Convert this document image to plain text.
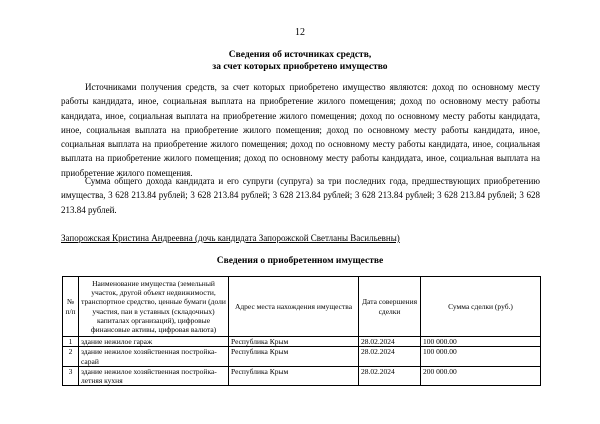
12
Сведения об источниках средств,
за счет которых приобретено имущество
Источниками получения средств, за счет которых приобретено имущество являются: доход по основному месту работы кандидата, иное, социальная выплата на приобретение жилого помещения; доход по основному месту работы кандидата, иное, социальная выплата на приобретение жилого помещения; доход по основному месту работы кандидата, иное, социальная выплата на приобретение жилого помещения; доход по основному месту работы кандидата, иное, социальная выплата на приобретение жилого помещения; доход по основному месту работы кандидата, иное, социальная выплата на приобретение жилого помещения; доход по основному месту работы кандидата, иное, социальная выплата на приобретение жилого помещения.
Сумма общего дохода кандидата и его супруги (супруга) за три последних года, предшествующих приобретению имущества, 3 628 213.84 рублей; 3 628 213.84 рублей; 3 628 213.84 рублей; 3 628 213.84 рублей; 3 628 213.84 рублей; 3 628 213.84 рублей.
Запорожская Кристина Андреевна (дочь кандидата Запорожской Светланы Васильевны)
Сведения о приобретенном имуществе
№ п/п	Наименование имущества (земельный участок, другой объект недвижимости, транспортное средство, ценные бумаги (доли участия, паи в уставных (складочных) капиталах организаций), цифровые финансовые активы, цифровая валюта)	Адрес места нахождения имущества	Дата совершения сделки	Сумма сделки (руб.)
1	здание нежилое гараж	Республика Крым	28.02.2024	100 000.00
2	здание нежилое хозяйственная постройка-сарай	Республика Крым	28.02.2024	100 000.00
3	здание нежилое хозяйственная постройка-летняя кухня	Республика Крым	28.02.2024	200 000.00
